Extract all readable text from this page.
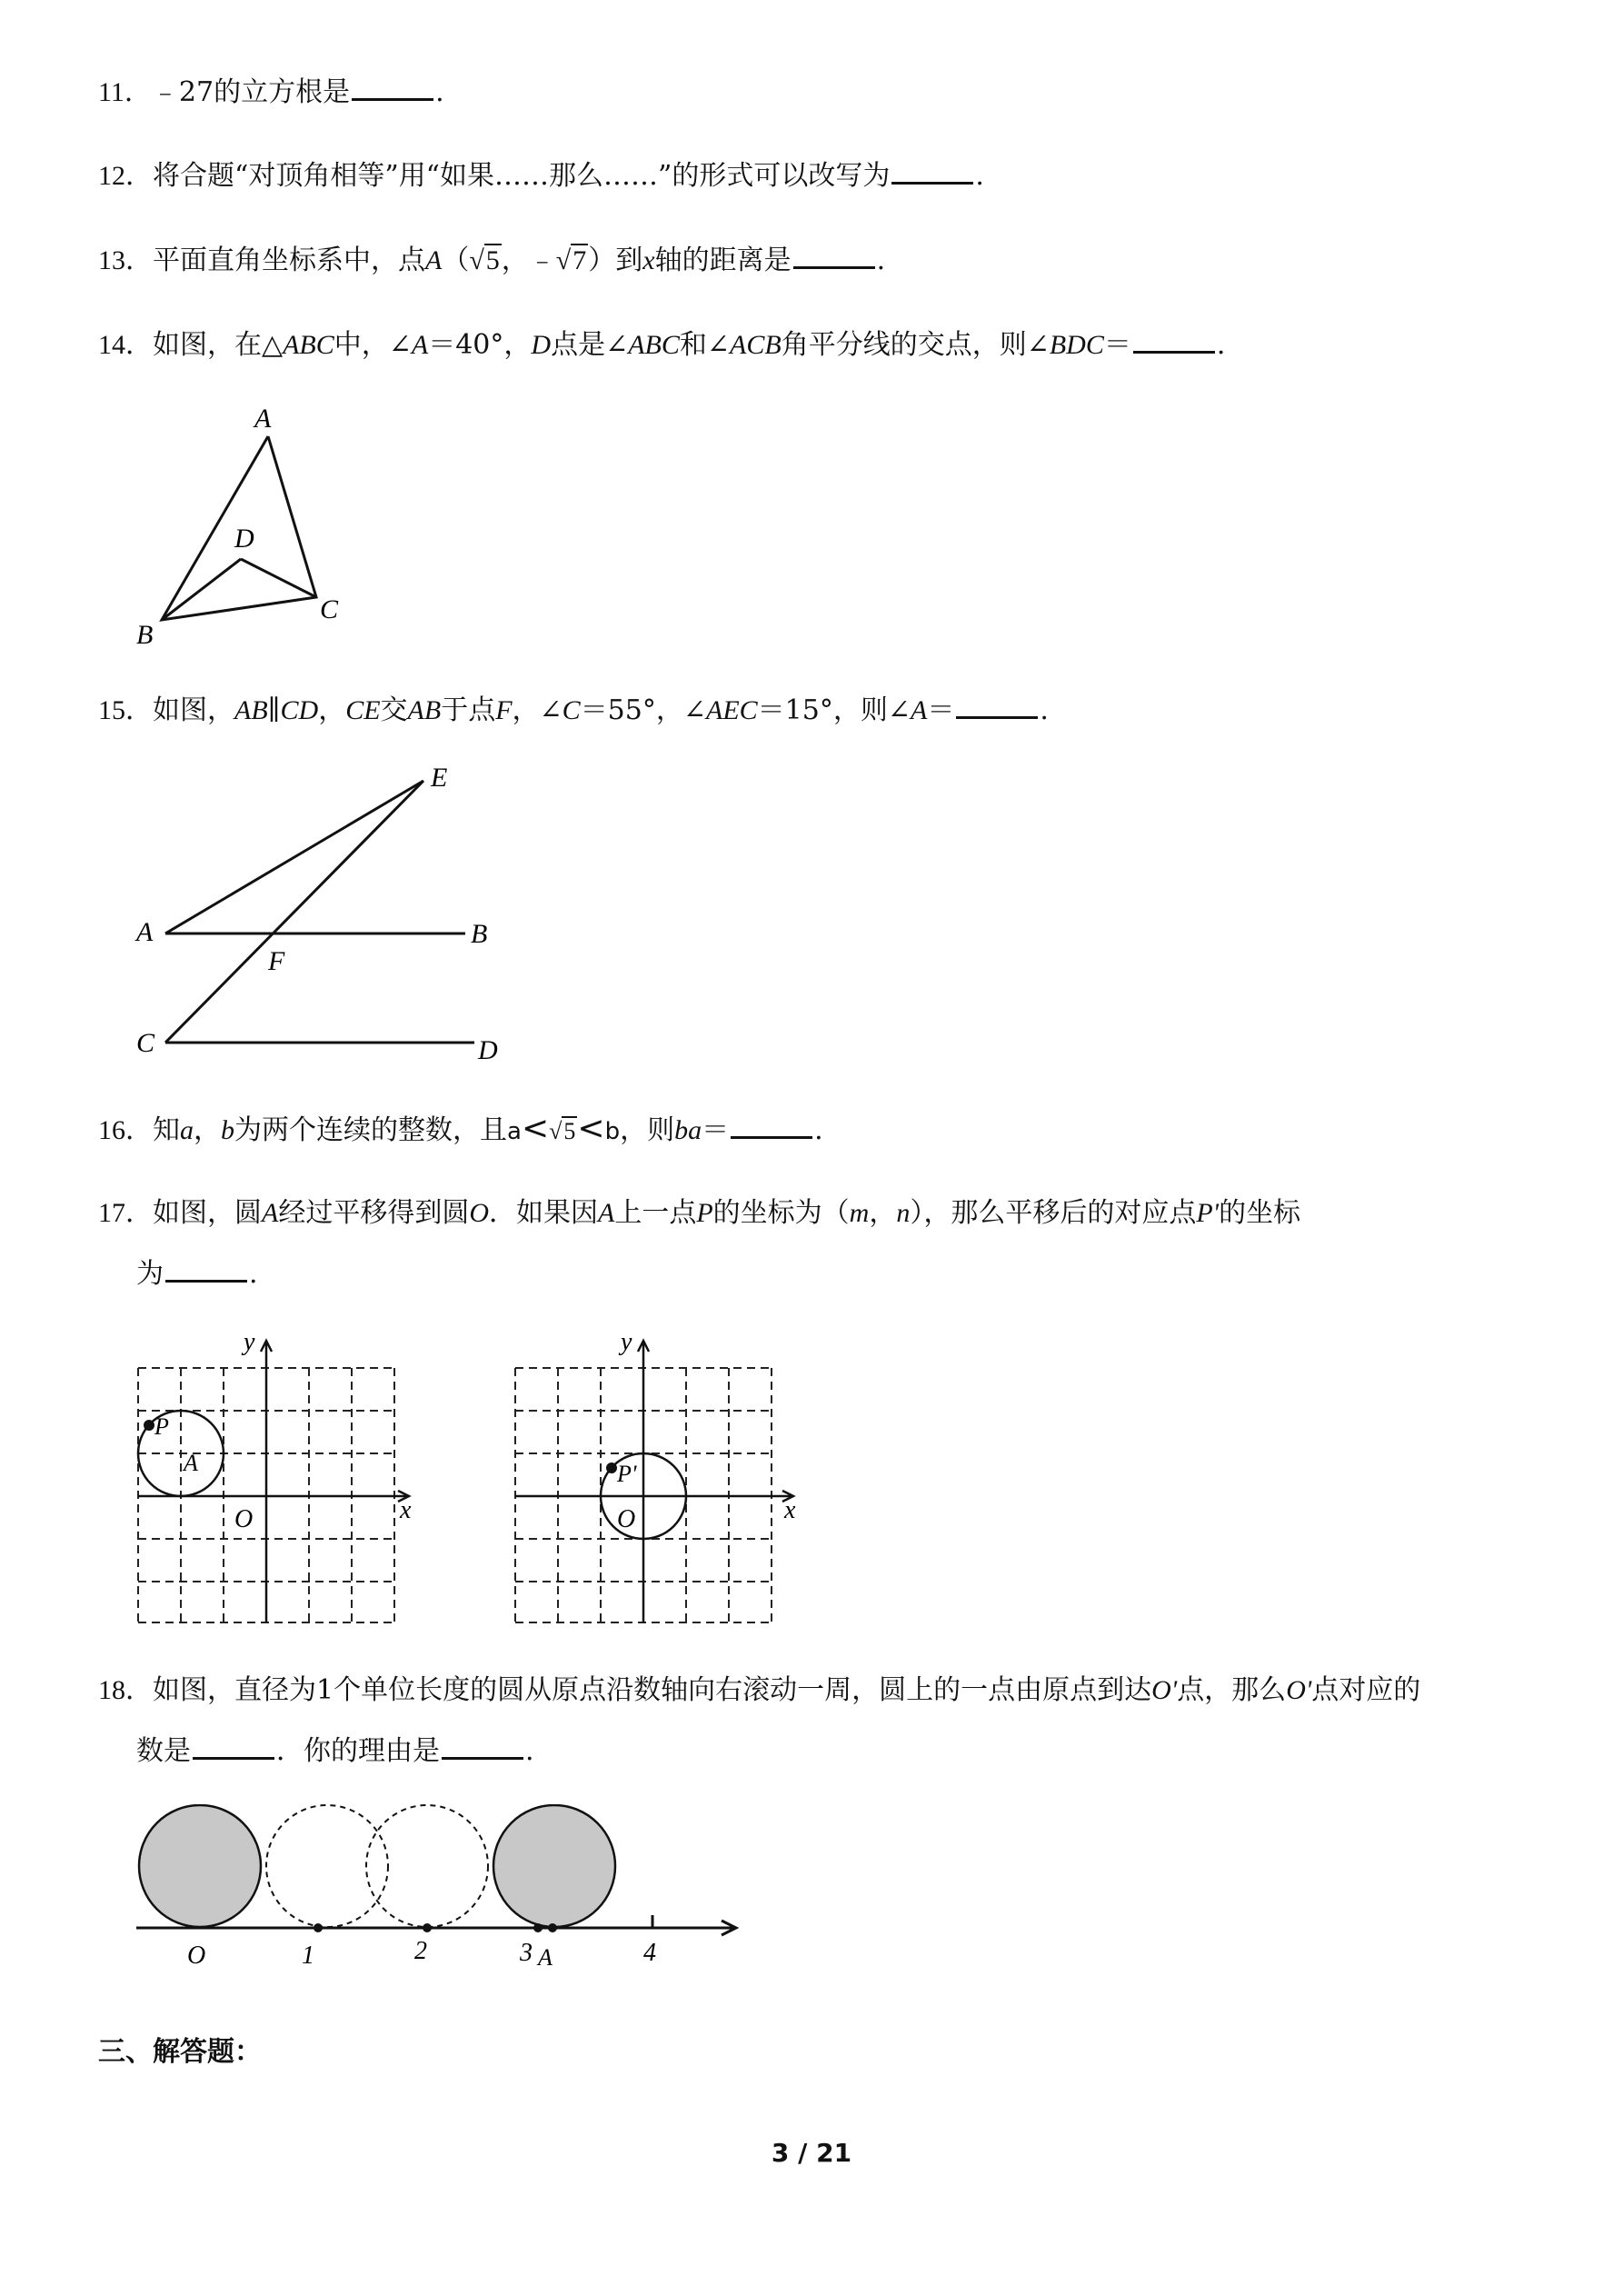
11．﹣27的立方根是	.
12．将合题“对顶角相等”用“如果……那么……”的形式可以改写为	.
13．平面直角坐标系中，点A（√5，﹣√7）到x轴的距离是	.
14．如图，在△ABC中，∠A＝40°，D点是∠ABC和∠ACB角平分线的交点，则∠BDC＝	.
A
D
B
C
15．如图，AB∥CD，CE交AB于点F，∠C＝55°，∠AEC＝15°，则∠A＝	.
E
A	B
F
C	D
16．知a，b为两个连续的整数，且a<√5<b，则ba＝	.
17．如图，圆A经过平移得到圆O．如果因A上一点P的坐标为（m，n），那么平移后的对应点P'的坐标
为	.
y
x
O
P
A
y
x
O
P'
18．如图，直径为1个单位长度的圆从原点沿数轴向右滚动一周，圆上的一点由原点到达O'点，那么O'点对应的
数是	．你的理由是	.
O	1	2	3 A	4
三、解答题：
3 / 21
